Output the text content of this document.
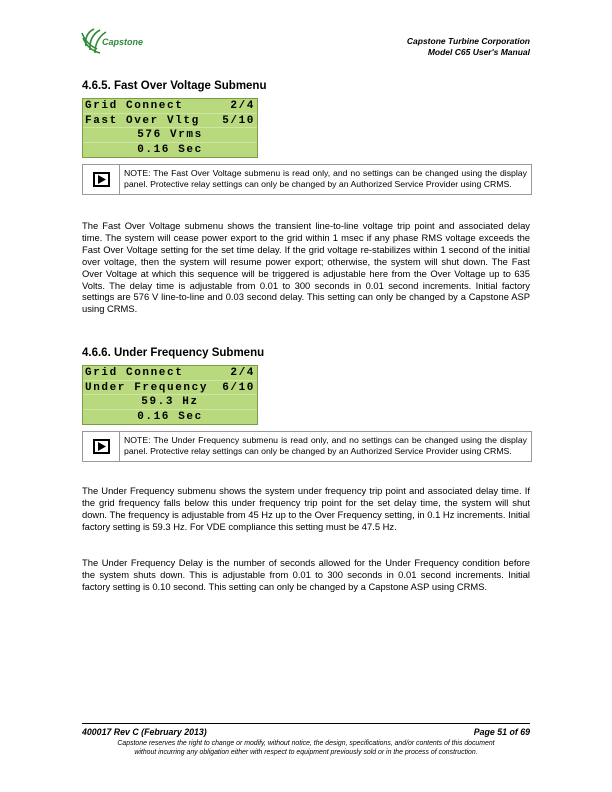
Capstone	Capstone Turbine Corporation
Model C65 User's Manual
4.6.5. Fast Over Voltage Submenu
Grid Connect	2/4
Fast Over Vltg 5/10
576 Vrms
0.16 Sec
NOTE: The Fast Over Voltage submenu is read only, and no settings can be changed using the display panel. Protective relay settings can only be changed by an Authorized Service Provider using CRMS.

The Fast Over Voltage submenu shows the transient line-to-line voltage trip point and associated delay time. The system will cease power export to the grid within 1 msec if any phase RMS voltage exceeds the Fast Over Voltage setting for the set time delay. If the grid voltage re-stabilizes within 1 second of the initial over voltage, then the system will resume power export; otherwise, the system will shut down. The Fast Over Voltage at which this sequence will be triggered is adjustable here from the Over Voltage up to 635 Volts. The delay time is adjustable from 0.01 to 300 seconds in 0.01 second increments. Initial factory settings are 576 V line-to-line and 0.03 second delay. This setting can only be changed by a Capstone ASP using CRMS.

4.6.6. Under Frequency Submenu
Grid Connect	2/4
Under Frequency 6/10
59.3 Hz
0.16 Sec
NOTE: The Under Frequency submenu is read only, and no settings can be changed using the display panel. Protective relay settings can only be changed by an Authorized Service Provider using CRMS.

The Under Frequency submenu shows the system under frequency trip point and associated delay time. If the grid frequency falls below this under frequency trip point for the set delay time, the system will shut down. The frequency is adjustable from 45 Hz up to the Over Frequency setting, in 0.1 Hz increments. Initial factory setting is 59.3 Hz. For VDE compliance this setting must be 47.5 Hz.

The Under Frequency Delay is the number of seconds allowed for the Under Frequency condition before the system shuts down. This is adjustable from 0.01 to 300 seconds in 0.01 second increments. Initial factory setting is 0.10 second. This setting can only be changed by a Capstone ASP using CRMS.

400017 Rev C (February 2013)	Page 51 of 69
Capstone reserves the right to change or modify, without notice, the design, specifications, and/or contents of this document
without incurring any obligation either with respect to equipment previously sold or in the process of construction.
